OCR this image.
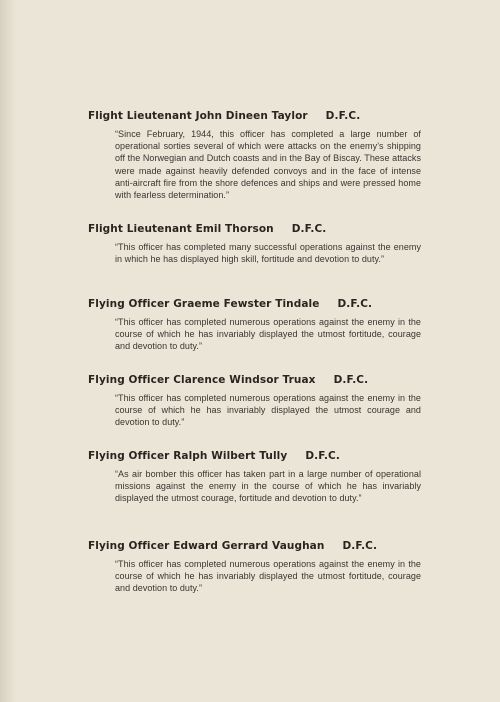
Flight Lieutenant John Dineen Taylor D.F.C.
“Since February, 1944, this officer has completed a large number of operational sorties several of which were attacks on the enemy’s shipping off the Norwegian and Dutch coasts and in the Bay of Biscay. These attacks were made against heavily defended convoys and in the face of intense anti-aircraft fire from the shore defences and ships and were pressed home with fearless determination.”
Flight Lieutenant Emil Thorson D.F.C.
“This officer has completed many successful operations against the enemy in which he has displayed high skill, fortitude and devotion to duty.”
Flying Officer Graeme Fewster Tindale D.F.C.
“This officer has completed numerous operations against the enemy in the course of which he has invariably displayed the utmost fortitude, courage and devotion to duty.”
Flying Officer Clarence Windsor Truax D.F.C.
“This officer has completed numerous operations against the enemy in the course of which he has invariably displayed the utmost courage and devotion to duty.”
Flying Officer Ralph Wilbert Tully D.F.C.
“As air bomber this officer has taken part in a large number of operational missions against the enemy in the course of which he has invariably displayed the utmost courage, fortitude and devotion to duty.”
Flying Officer Edward Gerrard Vaughan D.F.C.
“This officer has completed numerous operations against the enemy in the course of which he has invariably displayed the utmost fortitude, courage and devotion to duty.”
